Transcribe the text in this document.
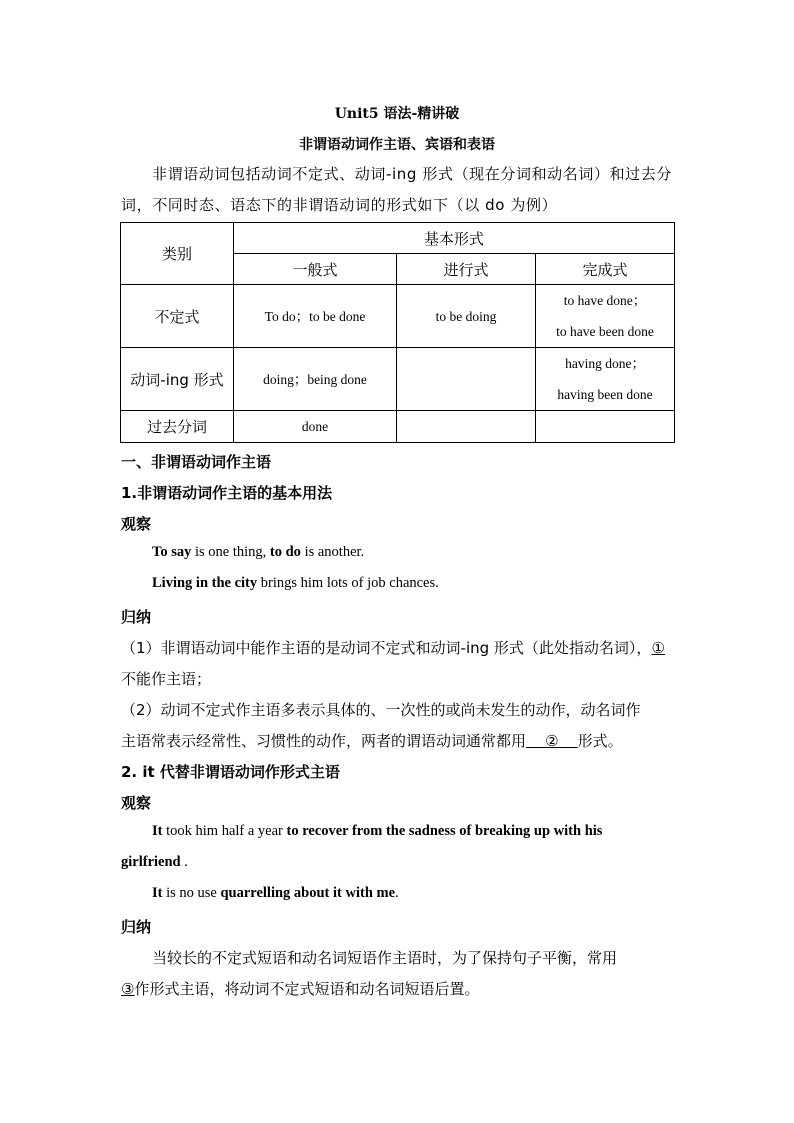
Unit5 语法-精讲破
非谓语动词作主语、宾语和表语
非谓语动词包括动词不定式、动词-ing 形式（现在分词和动名词）和过去分词，不同时态、语态下的非谓语动词的形式如下（以 do 为例）
类别	基本形式		
	一般式	进行式	完成式
不定式	To do；to be done	to be doing	to have done；
to have been done

动词-ing 形式	doing；being done		having done；
having been done

过去分词	done		
一、非谓语动词作主语
1.非谓语动词作主语的基本用法
观察
To say is one thing, to do is another.
Living in the city brings him lots of job chances.
归纳
（1）非谓语动词中能作主语的是动词不定式和动词-ing 形式（此处指动名词），①
不能作主语；
（2）动词不定式作主语多表示具体的、一次性的或尚未发生的动作，动名词作
主语常表示经常性、习惯性的动作，两者的谓语动词通常都用    ②    形式。
2. it 代替非谓语动词作形式主语
观察
It took him half a year to recover from the sadness of breaking up with his
girlfriend .
It is no use quarrelling about it with me.
归纳
当较长的不定式短语和动名词短语作主语时，为了保持句子平衡，常用
③作形式主语，将动词不定式短语和动名词短语后置。
